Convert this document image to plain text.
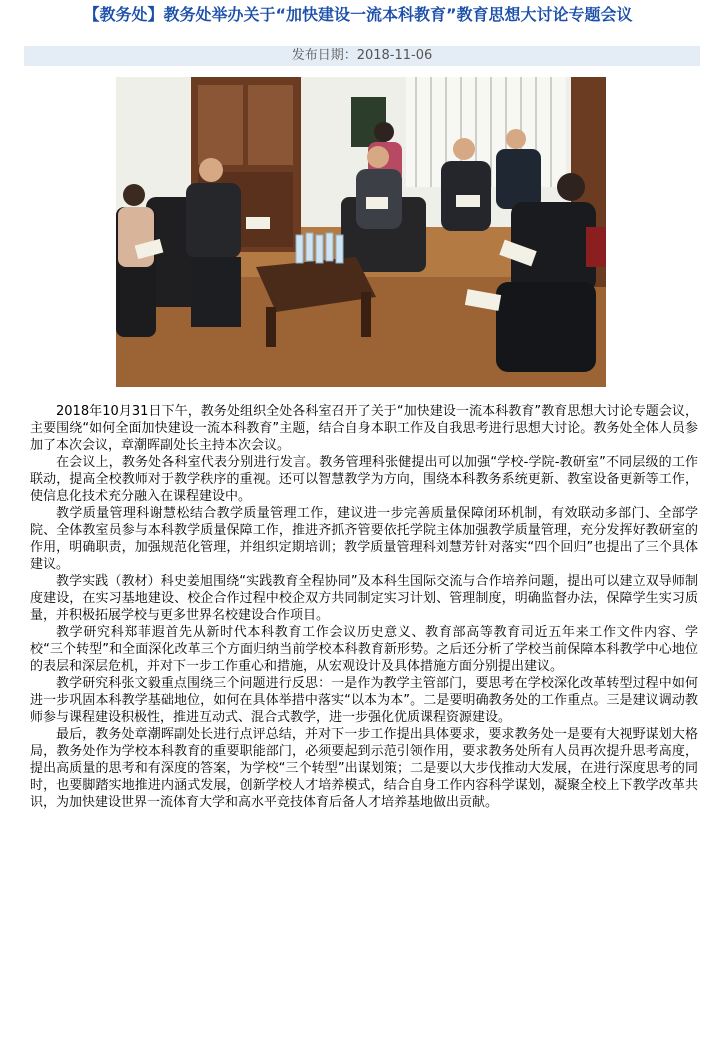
【教务处】教务处举办关于“加快建设一流本科教育”教育思想大讨论专题会议
发布日期：2018-11-06

2018年10月31日下午，教务处组织全处各科室召开了关于“加快建设一流本科教育”教育思想大讨论专题会议，主要围绕“如何全面加快建设一流本科教育”主题，结合自身本职工作及自我思考进行思想大讨论。教务处全体人员参加了本次会议，章潮晖副处长主持本次会议。

在会议上，教务处各科室代表分别进行发言。教务管理科张健提出可以加强“学校-学院-教研室”不同层级的工作联动，提高全校教师对于教学秩序的重视。还可以智慧教学为方向，围绕本科教务系统更新、教室设备更新等工作，使信息化技术充分融入在课程建设中。

教学质量管理科谢慧松结合教学质量管理工作，建议进一步完善质量保障闭环机制，有效联动多部门、全部学院、全体教室员参与本科教学质量保障工作，推进齐抓齐管要依托学院主体加强教学质量管理，充分发挥好教研室的作用，明确职责，加强规范化管理，并组织定期培训；教学质量管理科刘慧芳针对落实“四个回归”也提出了三个具体建议。

教学实践（教材）科史姜旭围绕“实践教育全程协同”及本科生国际交流与合作培养问题，提出可以建立双导师制度建设，在实习基地建设、校企合作过程中校企双方共同制定实习计划、管理制度，明确监督办法，保障学生实习质量，并积极拓展学校与更多世界名校建设合作项目。

教学研究科郑菲遐首先从新时代本科教育工作会议历史意义、教育部高等教育司近五年来工作文件内容、学校“三个转型”和全面深化改革三个方面归纳当前学校本科教育新形势。之后还分析了学校当前保障本科教学中心地位的表层和深层危机，并对下一步工作重心和措施，从宏观设计及具体措施方面分别提出建议。

教学研究科张文毅重点围绕三个问题进行反思：一是作为教学主管部门，要思考在学校深化改革转型过程中如何进一步巩固本科教学基础地位，如何在具体举措中落实“以本为本”。二是要明确教务处的工作重点。三是建议调动教师参与课程建设积极性，推进互动式、混合式教学，进一步强化优质课程资源建设。

最后，教务处章潮晖副处长进行点评总结，并对下一步工作提出具体要求，要求教务处一是要有大视野谋划大格局，教务处作为学校本科教育的重要职能部门，必须要起到示范引领作用，要求教务处所有人员再次提升思考高度，提出高质量的思考和有深度的答案，为学校“三个转型”出谋划策；二是要以大步伐推动大发展，在进行深度思考的同时，也要脚踏实地推进内涵式发展，创新学校人才培养模式，结合自身工作内容科学谋划，凝聚全校上下教学改革共识，为加快建设世界一流体育大学和高水平竞技体育后备人才培养基地做出贡献。
